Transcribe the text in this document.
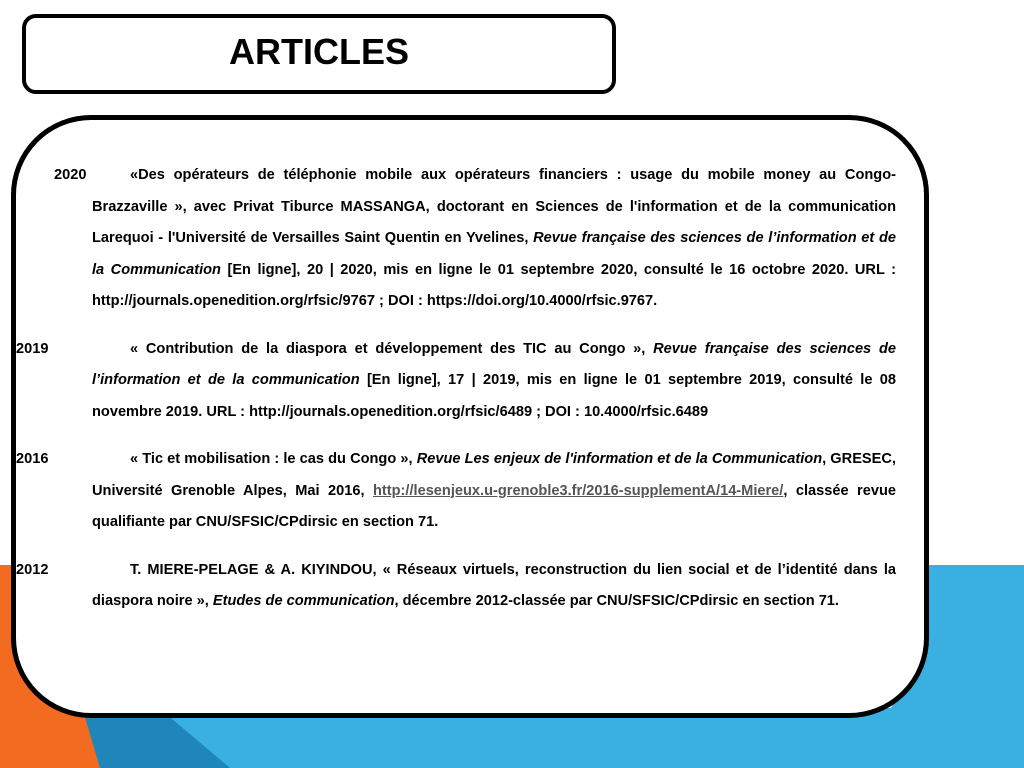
ARTICLES
2020	«Des opérateurs de téléphonie mobile aux opérateurs financiers : usage du mobile money au Congo-Brazzaville », avec Privat Tiburce MASSANGA, doctorant en Sciences de l'information et de la communication Larequoi - l'Université de Versailles Saint Quentin en Yvelines, Revue française des sciences de l’information et de la Communication [En ligne], 20 | 2020, mis en ligne le 01 septembre 2020, consulté le 16 octobre 2020. URL : http://journals.openedition.org/rfsic/9767 ; DOI : https://doi.org/10.4000/rfsic.9767.
2019	« Contribution de la diaspora et développement des TIC au Congo », Revue française des sciences de l’information et de la communication [En ligne], 17 | 2019, mis en ligne le 01 septembre 2019, consulté le 08 novembre 2019. URL : http://journals.openedition.org/rfsic/6489 ; DOI : 10.4000/rfsic.6489
2016	« Tic et mobilisation : le cas du Congo », Revue Les enjeux de l'information et de la Communication, GRESEC, Université Grenoble Alpes, Mai 2016, http://lesenjeux.u-grenoble3.fr/2016-supplementA/14-Miere/, classée revue qualifiante par CNU/SFSIC/CPdirsic en section 71.
2012	T. MIERE-PELAGE & A. KIYINDOU, « Réseaux virtuels, reconstruction du lien social et de l’identité dans la diaspora noire », Etudes de communication, décembre 2012-classée par CNU/SFSIC/CPdirsic en section 71.
